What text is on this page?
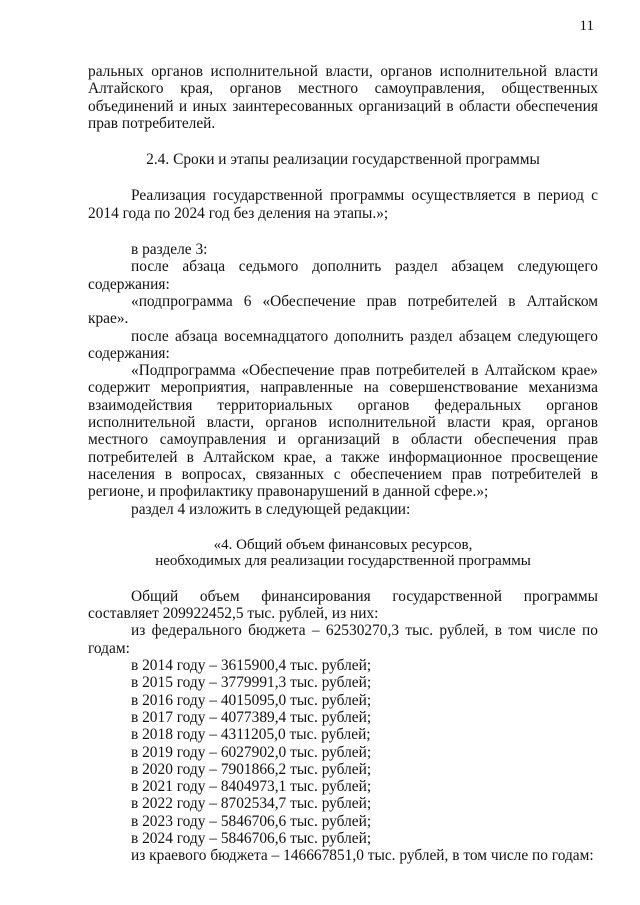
11

ральных органов исполнительной власти, органов исполнительной власти Алтайского края, органов местного самоуправления, общественных объединений и иных заинтересованных организаций в области обеспечения прав потребителей.

2.4. Сроки и этапы реализации государственной программы

Реализация государственной программы осуществляется в период с 2014 года по 2024 год без деления на этапы.»;

в разделе 3:

после абзаца седьмого дополнить раздел абзацем следующего содержания:

«подпрограмма 6 «Обеспечение прав потребителей в Алтайском крае».

после абзаца восемнадцатого дополнить раздел абзацем следующего содержания:

«Подпрограмма «Обеспечение прав потребителей в Алтайском крае» содержит мероприятия, направленные на совершенствование механизма взаимодействия территориальных органов федеральных органов исполнительной власти, органов исполнительной власти края, органов местного самоуправления и организаций в области обеспечения прав потребителей в Алтайском крае, а также информационное просвещение населения в вопросах, связанных с обеспечением прав потребителей в регионе, и профилактику правонарушений в данной сфере.»;

раздел 4 изложить в следующей редакции:

«4. Общий объем финансовых ресурсов,

необходимых для реализации государственной программы

Общий объем финансирования государственной программы составляет 209922452,5 тыс. рублей, из них:

из федерального бюджета – 62530270,3 тыс. рублей, в том числе по годам:

в 2014 году – 3615900,4 тыс. рублей;

в 2015 году – 3779991,3 тыс. рублей;

в 2016 году – 4015095,0 тыс. рублей;

в 2017 году – 4077389,4 тыс. рублей;

в 2018 году – 4311205,0 тыс. рублей;

в 2019 году – 6027902,0 тыс. рублей;

в 2020 году – 7901866,2 тыс. рублей;

в 2021 году – 8404973,1 тыс. рублей;

в 2022 году – 8702534,7 тыс. рублей;

в 2023 году – 5846706,6 тыс. рублей;

в 2024 году – 5846706,6 тыс. рублей;

из краевого бюджета – 146667851,0 тыс. рублей, в том числе по годам:
